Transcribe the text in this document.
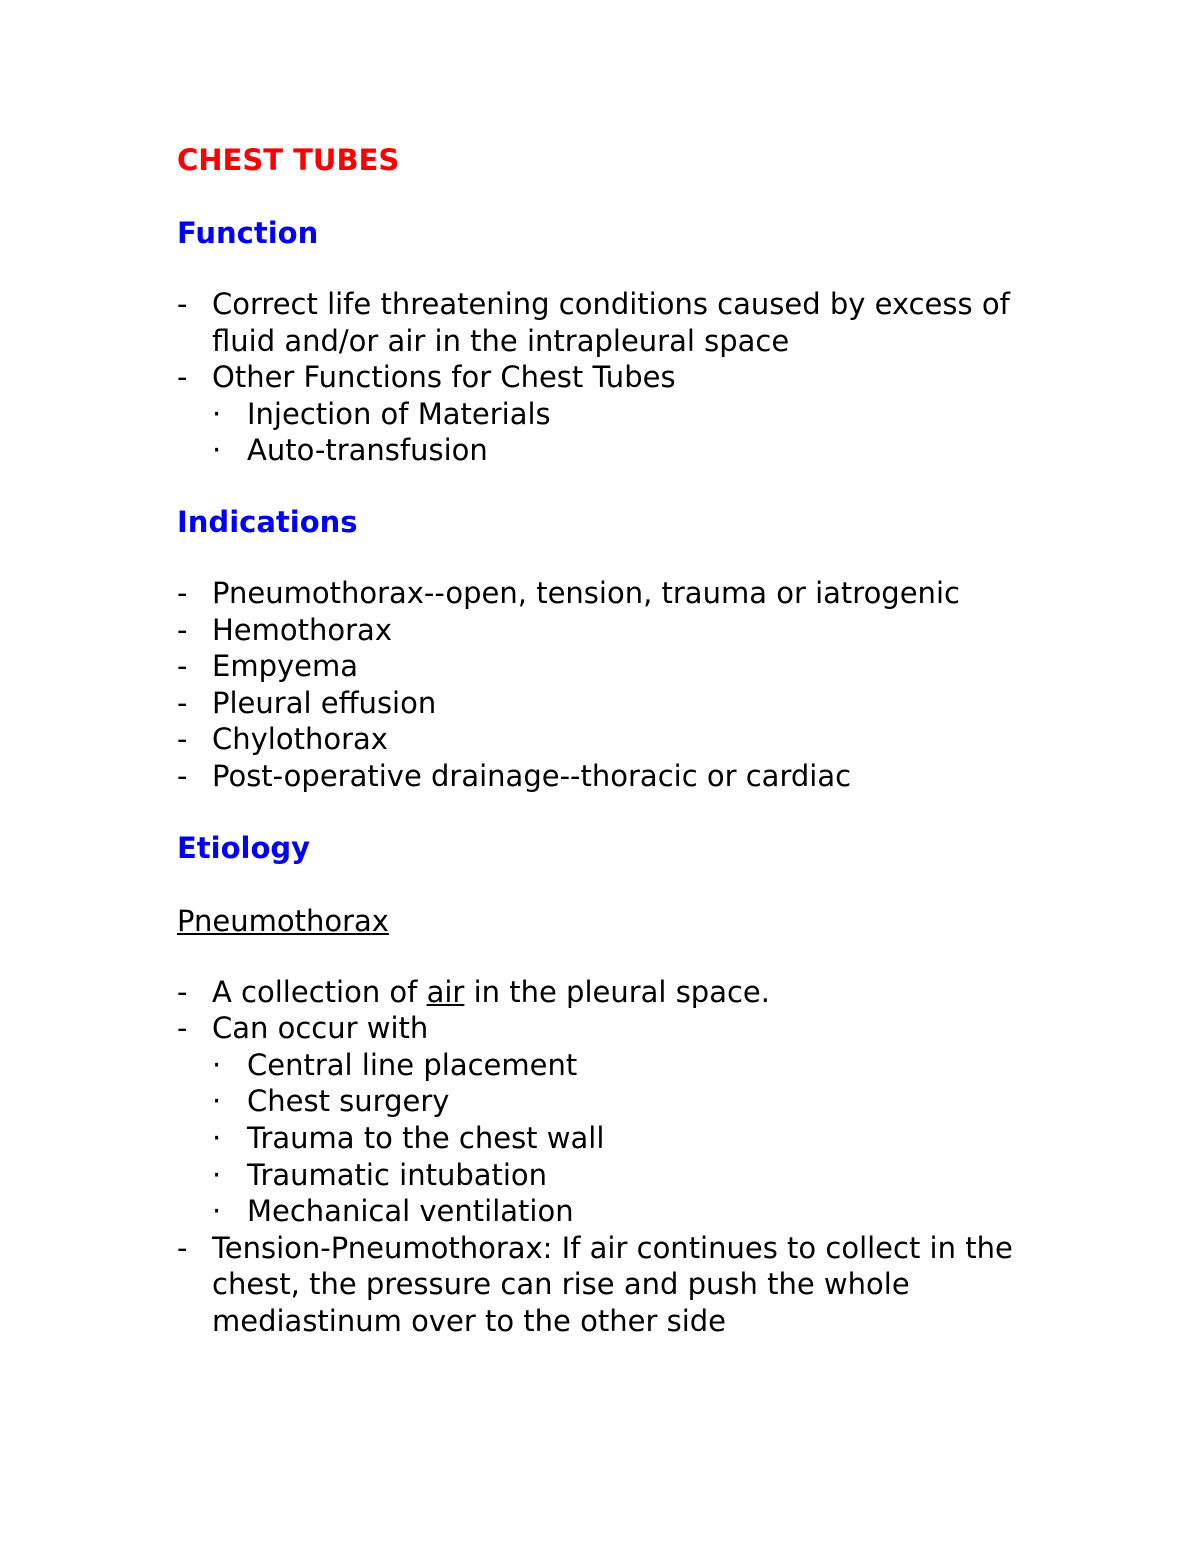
CHEST TUBES
Function
- Correct life threatening conditions caused by excess of fluid and/or air in the intrapleural space
- Other Functions for Chest Tubes
· Injection of Materials
· Auto-transfusion
Indications
- Pneumothorax--open, tension, trauma or iatrogenic
- Hemothorax
- Empyema
- Pleural effusion
- Chylothorax
- Post-operative drainage--thoracic or cardiac
Etiology
Pneumothorax
- A collection of air in the pleural space.
- Can occur with
· Central line placement
· Chest surgery
· Trauma to the chest wall
· Traumatic intubation
· Mechanical ventilation
- Tension-Pneumothorax: If air continues to collect in the chest, the pressure can rise and push the whole mediastinum over to the other side
